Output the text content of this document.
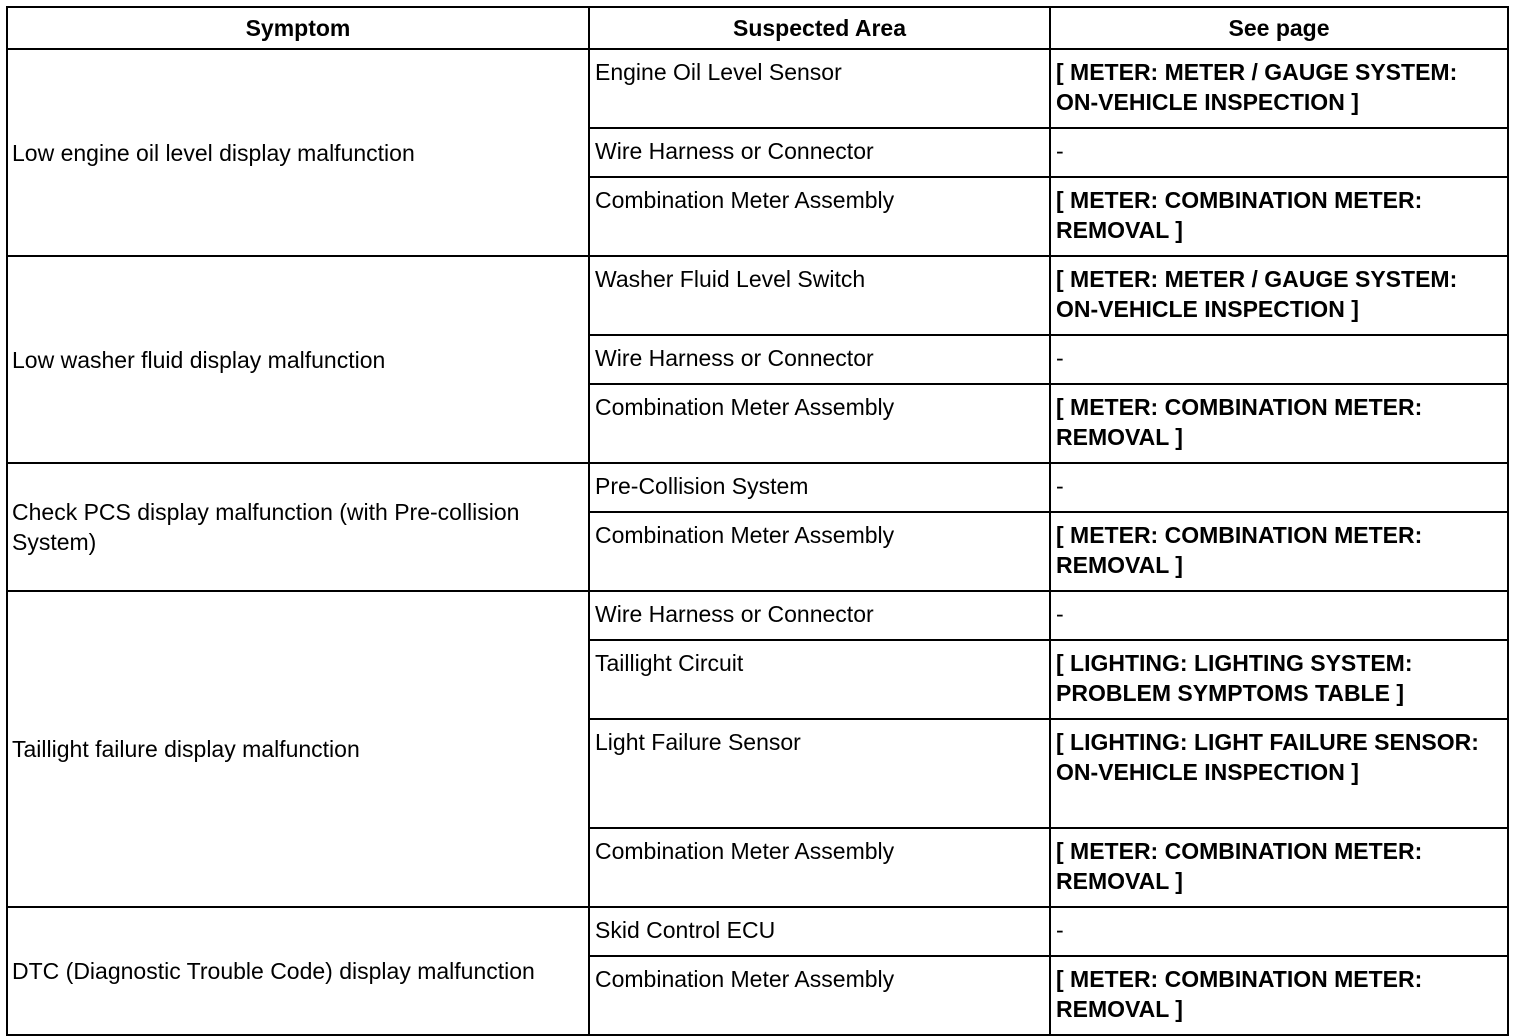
Symptom	Suspected Area	See page
Low engine oil level display malfunction	Engine Oil Level Sensor	[ METER: METER / GAUGE SYSTEM: ON-VEHICLE INSPECTION ]
	Wire Harness or Connector	-
	Combination Meter Assembly	[ METER: COMBINATION METER: REMOVAL ]
Low washer fluid display malfunction	Washer Fluid Level Switch	[ METER: METER / GAUGE SYSTEM: ON-VEHICLE INSPECTION ]
	Wire Harness or Connector	-
	Combination Meter Assembly	[ METER: COMBINATION METER: REMOVAL ]
Check PCS display malfunction (with Pre-collision System)	Pre-Collision System	-
	Combination Meter Assembly	[ METER: COMBINATION METER: REMOVAL ]
Taillight failure display malfunction	Wire Harness or Connector	-
	Taillight Circuit	[ LIGHTING: LIGHTING SYSTEM: PROBLEM SYMPTOMS TABLE ]
	Light Failure Sensor	[ LIGHTING: LIGHT FAILURE SENSOR: ON-VEHICLE INSPECTION ]
	Combination Meter Assembly	[ METER: COMBINATION METER: REMOVAL ]
DTC (Diagnostic Trouble Code) display malfunction	Skid Control ECU	-
	Combination Meter Assembly	[ METER: COMBINATION METER: REMOVAL ]
